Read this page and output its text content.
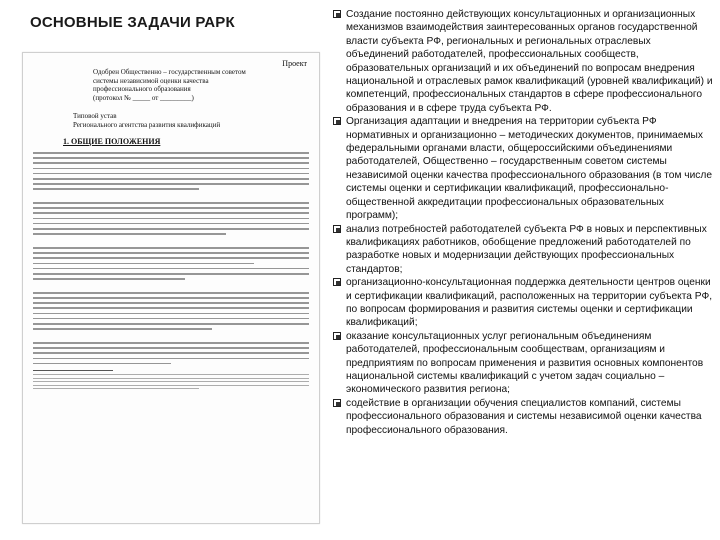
ОСНОВНЫЕ ЗАДАЧИ РАРК
Проект
Одобрен Общественно – государственным советом
системы независимой оценки качества
профессионального образования
(протокол № _____ от _________)
Типовой устав
Регионального агентства развития квалификаций
1. ОБЩИЕ ПОЛОЖЕНИЯ
Создание постоянно действующих консультационных и организационных механизмов взаимодействия заинтересованных органов государственной власти субъекта РФ, региональных и региональных отраслевых объединений работодателей, профессиональных сообществ, образовательных организаций и их объединений по вопросам внедрения национальной и отраслевых рамок квалификаций (уровней квалификаций) и компетенций, профессиональных стандартов в сфере профессионального образования и в сфере труда субъекта РФ.
Организация адаптации и внедрения на территории субъекта РФ нормативных и организационно – методических документов, принимаемых федеральными органами власти, общероссийскими объединениями работодателей, Общественно – государственным советом системы независимой оценки качества профессионального образования (в том числе системы оценки и сертификации квалификаций, профессионально-общественной аккредитации профессиональных образовательных программ);
анализ потребностей работодателей субъекта РФ в новых и перспективных квалификациях работников, обобщение предложений работодателей по разработке новых и модернизации действующих профессиональных стандартов;
организационно-консультационная поддержка деятельности центров оценки и сертификации квалификаций, расположенных на территории субъекта РФ, по вопросам формирования и развития системы оценки и сертификации квалификаций;
оказание консультационных услуг региональным объединениям работодателей, профессиональным сообществам, организациям и предприятиям по вопросам применения и развития основных компонентов национальной системы квалификаций с учетом задач социально – экономического развития региона;
содействие в организации обучения специалистов компаний, системы профессионального образования и системы независимой оценки качества профессионального образования.
